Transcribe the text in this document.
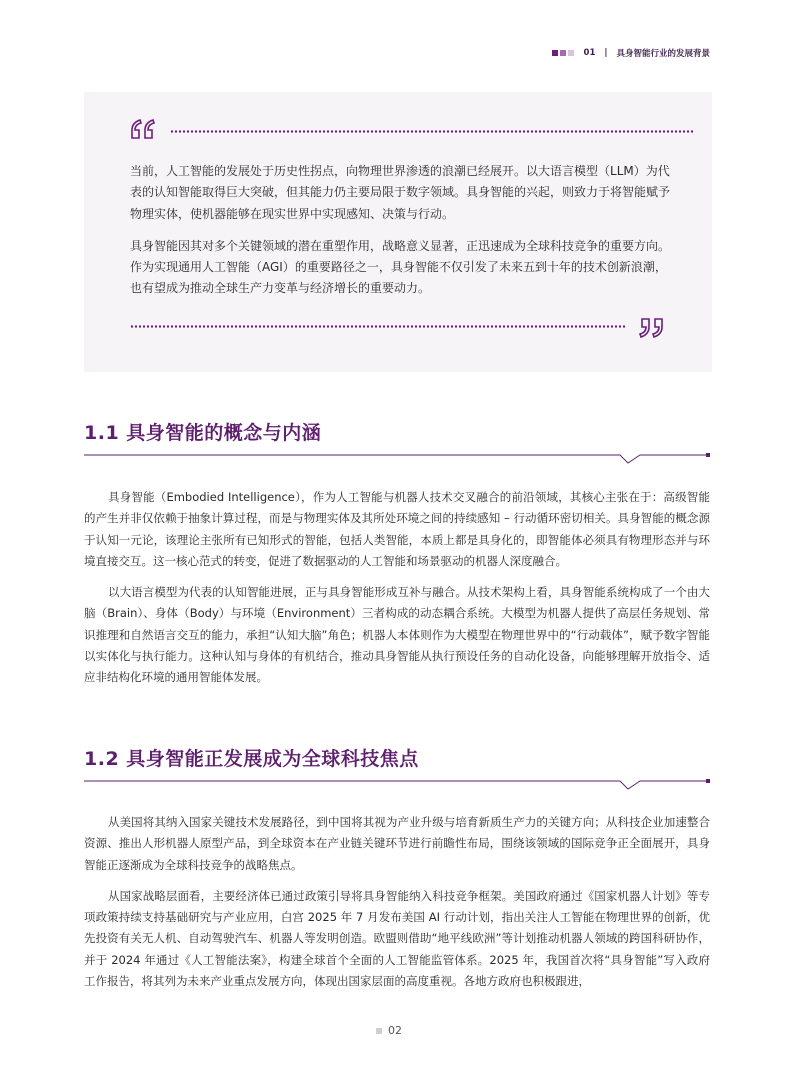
01 | 具身智能行业的发展背景

当前，人工智能的发展处于历史性拐点，向物理世界渗透的浪潮已经展开。以大语言模型（LLM）为代表的认知智能取得巨大突破，但其能力仍主要局限于数字领域。具身智能的兴起，则致力于将智能赋予物理实体，使机器能够在现实世界中实现感知、决策与行动。

具身智能因其对多个关键领域的潜在重塑作用，战略意义显著，正迅速成为全球科技竞争的重要方向。作为实现通用人工智能（AGI）的重要路径之一，具身智能不仅引发了未来五到十年的技术创新浪潮，也有望成为推动全球生产力变革与经济增长的重要动力。

1.1 具身智能的概念与内涵

具身智能（Embodied Intelligence），作为人工智能与机器人技术交叉融合的前沿领域，其核心主张在于：高级智能的产生并非仅依赖于抽象计算过程，而是与物理实体及其所处环境之间的持续感知 – 行动循环密切相关。具身智能的概念源于认知一元论，该理论主张所有已知形式的智能，包括人类智能，本质上都是具身化的，即智能体必须具有物理形态并与环境直接交互。这一核心范式的转变，促进了数据驱动的人工智能和场景驱动的机器人深度融合。

以大语言模型为代表的认知智能进展，正与具身智能形成互补与融合。从技术架构上看，具身智能系统构成了一个由大脑（Brain）、身体（Body）与环境（Environment）三者构成的动态耦合系统。大模型为机器人提供了高层任务规划、常识推理和自然语言交互的能力，承担“认知大脑”角色；机器人本体则作为大模型在物理世界中的“行动载体”，赋予数字智能以实体化与执行能力。这种认知与身体的有机结合，推动具身智能从执行预设任务的自动化设备，向能够理解开放指令、适应非结构化环境的通用智能体发展。

1.2 具身智能正发展成为全球科技焦点

从美国将其纳入国家关键技术发展路径，到中国将其视为产业升级与培育新质生产力的关键方向；从科技企业加速整合资源、推出人形机器人原型产品，到全球资本在产业链关键环节进行前瞻性布局，围绕该领域的国际竞争正全面展开，具身智能正逐渐成为全球科技竞争的战略焦点。

从国家战略层面看，主要经济体已通过政策引导将具身智能纳入科技竞争框架。美国政府通过《国家机器人计划》等专项政策持续支持基础研究与产业应用，白宫 2025 年 7 月发布美国 AI 行动计划，指出关注人工智能在物理世界的创新，优先投资有关无人机、自动驾驶汽车、机器人等发明创造。欧盟则借助“地平线欧洲”等计划推动机器人领域的跨国科研协作，并于 2024 年通过《人工智能法案》，构建全球首个全面的人工智能监管体系。2025 年，我国首次将“具身智能”写入政府工作报告，将其列为未来产业重点发展方向，体现出国家层面的高度重视。各地方政府也积极跟进，

02
